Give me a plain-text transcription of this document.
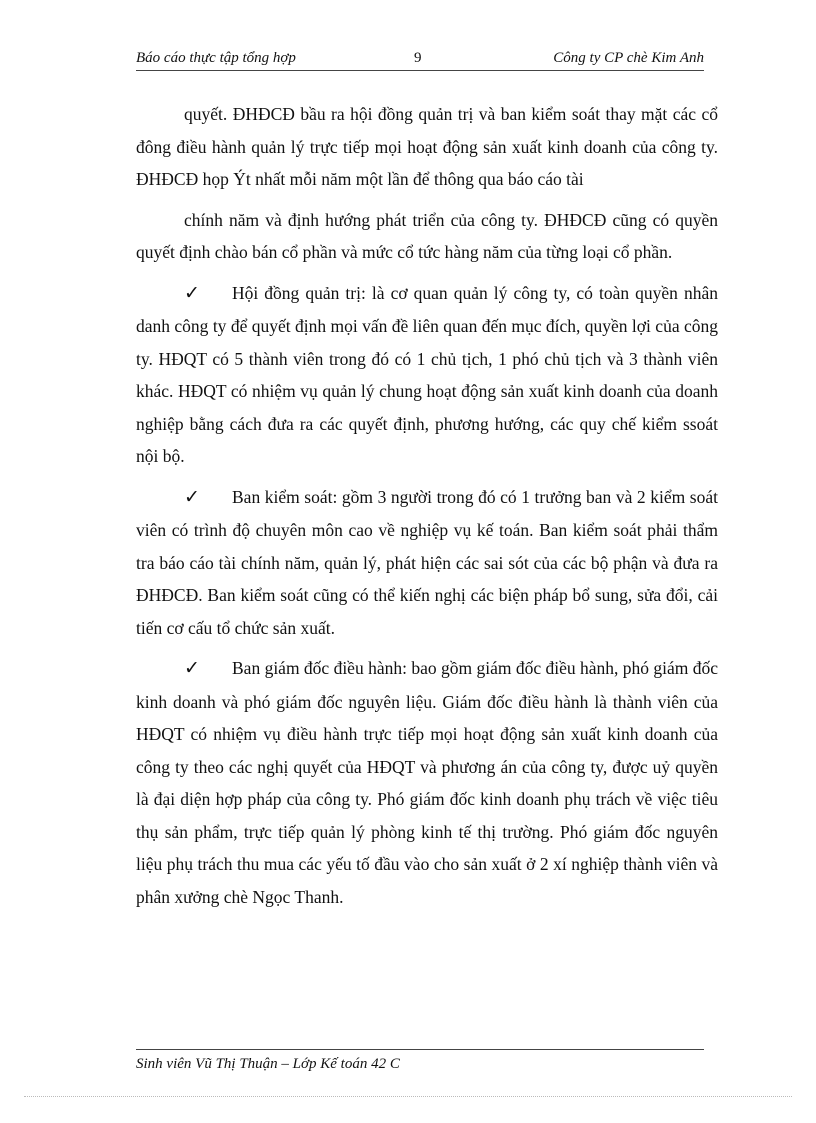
Báo cáo thực tập tổng hợp	9	Công ty CP chè Kim Anh

quyết. ĐHĐCĐ bầu ra hội đồng quản trị và ban kiểm soát thay mặt các cổ đông điều hành quản lý trực tiếp mọi hoạt động sản xuất kinh doanh của công ty. ĐHĐCĐ họp Ýt nhất mỗi năm một lần để thông qua báo cáo tài

chính năm và định hướng phát triển của công ty. ĐHĐCĐ cũng có quyền quyết định chào bán cổ phần và mức cổ tức hàng năm của từng loại cổ phần.

✓ Hội đồng quản trị: là cơ quan quản lý công ty, có toàn quyền nhân danh công ty để quyết định mọi vấn đề liên quan đến mục đích, quyền lợi của công ty. HĐQT có 5 thành viên trong đó có 1 chủ tịch, 1 phó chủ tịch và 3 thành viên khác. HĐQT có nhiệm vụ quản lý chung hoạt động sản xuất kinh doanh của doanh nghiệp bằng cách đưa ra các quyết định, phương hướng, các quy chế kiểm ssoát nội bộ.

✓ Ban kiểm soát: gồm 3 người trong đó có 1 trưởng ban và 2 kiểm soát viên có trình độ chuyên môn cao về nghiệp vụ kế toán. Ban kiểm soát phải thẩm tra báo cáo tài chính năm, quản lý, phát hiện các sai sót của các bộ phận và đưa ra ĐHĐCĐ. Ban kiểm soát cũng có thể kiến nghị các biện pháp bổ sung, sửa đổi, cải tiến cơ cấu tổ chức sản xuất.

✓ Ban giám đốc điều hành: bao gồm giám đốc điều hành, phó giám đốc kinh doanh và phó giám đốc nguyên liệu. Giám đốc điều hành là thành viên của HĐQT có nhiệm vụ điều hành trực tiếp mọi hoạt động sản xuất kinh doanh của công ty theo các nghị quyết của HĐQT và phương án của công ty, được uỷ quyền là đại diện hợp pháp của công ty. Phó giám đốc kinh doanh phụ trách về việc tiêu thụ sản phẩm, trực tiếp quản lý phòng kinh tế thị trường. Phó giám đốc nguyên liệu phụ trách thu mua các yếu tố đầu vào cho sản xuất ở 2 xí nghiệp thành viên và phân xưởng chè Ngọc Thanh.

Sinh viên Vũ Thị Thuận – Lớp Kế toán 42 C
